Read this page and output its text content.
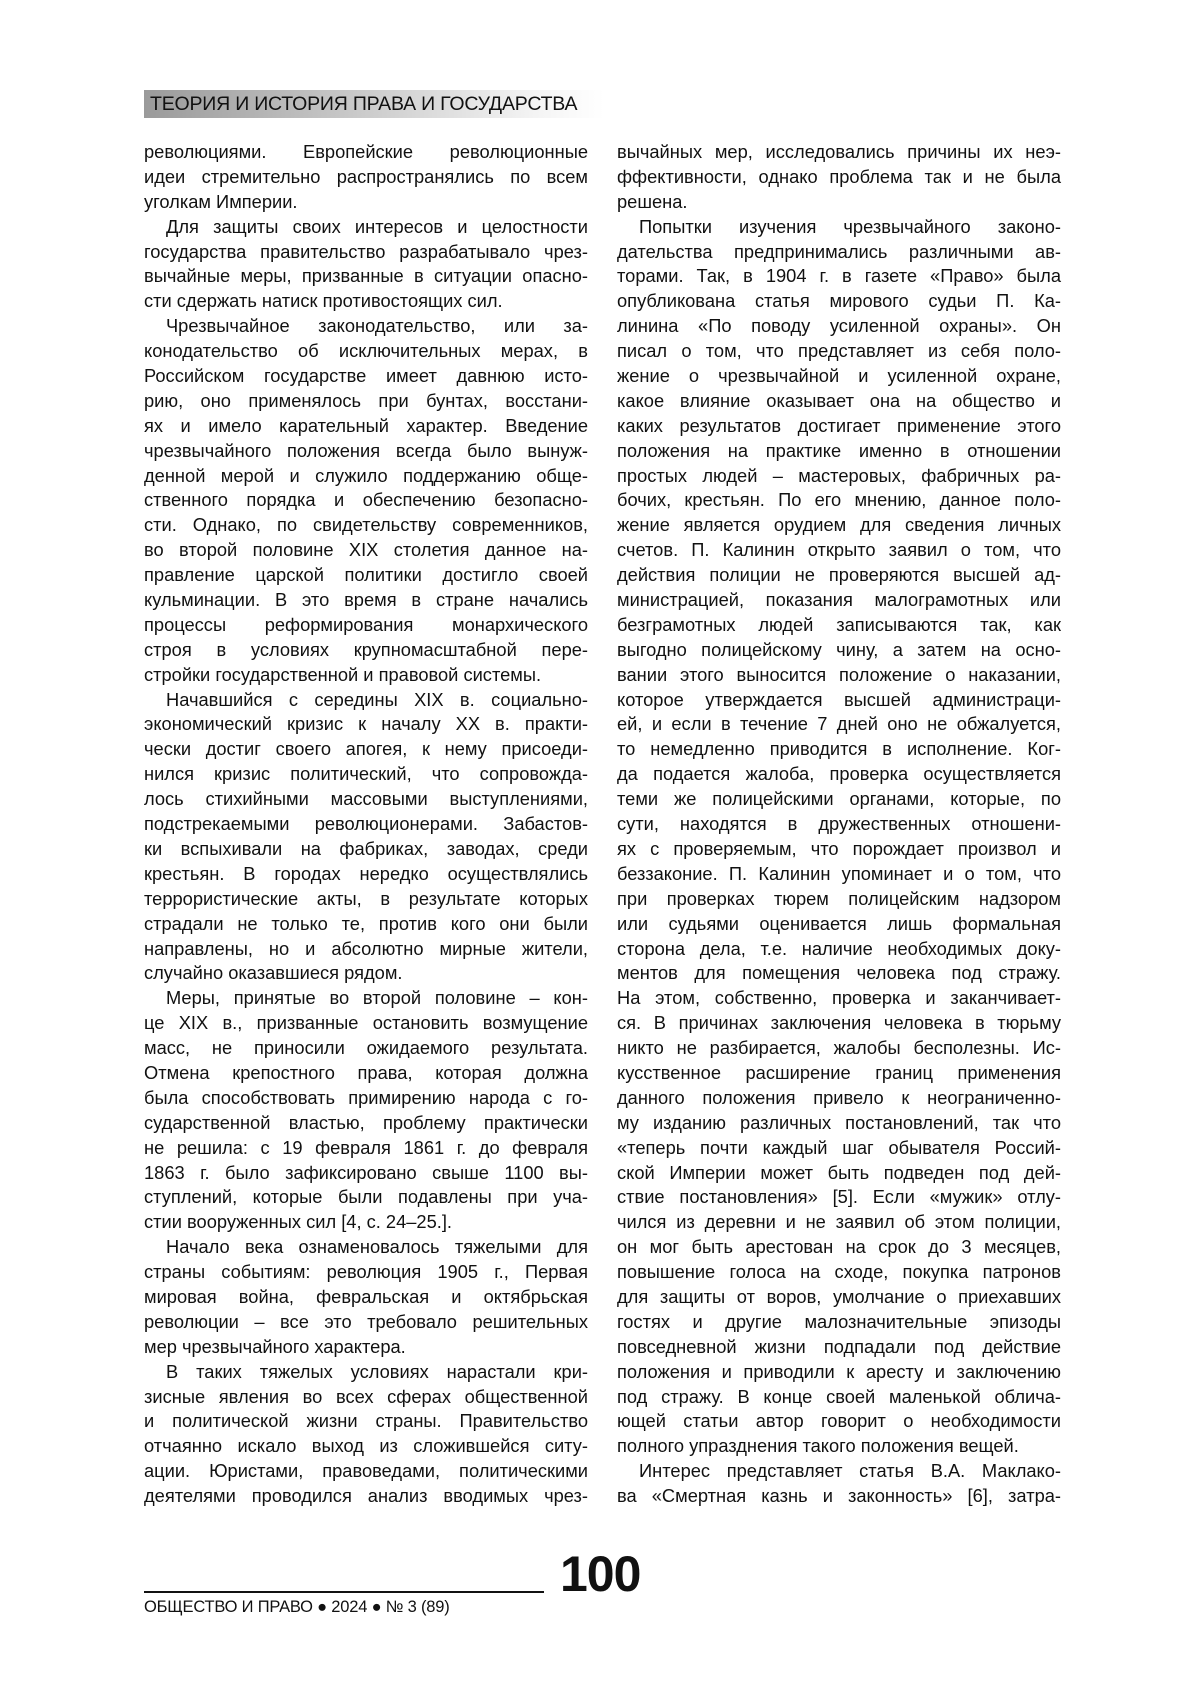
ТЕОРИЯ И ИСТОРИЯ ПРАВА И ГОСУДАРСТВА
революциями. Европейские революционные
идеи стремительно распространялись по всем
уголкам Империи.
Для защиты своих интересов и целостности
государства правительство разрабатывало чрез-
вычайные меры, призванные в ситуации опасно-
сти сдержать натиск противостоящих сил.
Чрезвычайное законодательство, или за-
конодательство об исключительных мерах, в
Российском государстве имеет давнюю исто-
рию, оно применялось при бунтах, восстани-
ях и имело карательный характер. Введение
чрезвычайного положения всегда было вынуж-
денной мерой и служило поддержанию обще-
ственного порядка и обеспечению безопасно-
сти. Однако, по свидетельству современников,
во второй половине XIX столетия данное на-
правление царской политики достигло своей
кульминации. В это время в стране начались
процессы реформирования монархического
строя в условиях крупномасштабной пере-
стройки государственной и правовой системы.
Начавшийся с середины XIX в. социально-
экономический кризис к началу XX в. практи-
чески достиг своего апогея, к нему присоеди-
нился кризис политический, что сопровожда-
лось стихийными массовыми выступлениями,
подстрекаемыми революционерами. Забастов-
ки вспыхивали на фабриках, заводах, среди
крестьян. В городах нередко осуществлялись
террористические акты, в результате которых
страдали не только те, против кого они были
направлены, но и абсолютно мирные жители,
случайно оказавшиеся рядом.
Меры, принятые во второй половине – кон-
це XIX в., призванные остановить возмущение
масс, не приносили ожидаемого результата.
Отмена крепостного права, которая должна
была способствовать примирению народа с го-
сударственной властью, проблему практически
не решила: с 19 февраля 1861 г. до февраля
1863 г. было зафиксировано свыше 1100 вы-
ступлений, которые были подавлены при уча-
стии вооруженных сил [4, с. 24–25.].
Начало века ознаменовалось тяжелыми для
страны событиям: революция 1905 г., Первая
мировая война, февральская и октябрьская
революции – все это требовало решительных
мер чрезвычайного характера.
В таких тяжелых условиях нарастали кри-
зисные явления во всех сферах общественной
и политической жизни страны. Правительство
отчаянно искало выход из сложившейся ситу-
ации. Юристами, правоведами, политическими
деятелями проводился анализ вводимых чрез-
вычайных мер, исследовались причины их неэ-
ффективности, однако проблема так и не была
решена.
Попытки изучения чрезвычайного законо-
дательства предпринимались различными ав-
торами. Так, в 1904 г. в газете «Право» была
опубликована статья мирового судьи П. Ка-
линина «По поводу усиленной охраны». Он
писал о том, что представляет из себя поло-
жение о чрезвычайной и усиленной охране,
какое влияние оказывает она на общество и
каких результатов достигает применение этого
положения на практике именно в отношении
простых людей – мастеровых, фабричных ра-
бочих, крестьян. По его мнению, данное поло-
жение является орудием для сведения личных
счетов. П. Калинин открыто заявил о том, что
действия полиции не проверяются высшей ад-
министрацией, показания малограмотных или
безграмотных людей записываются так, как
выгодно полицейскому чину, а затем на осно-
вании этого выносится положение о наказании,
которое утверждается высшей администраци-
ей, и если в течение 7 дней оно не обжалуется,
то немедленно приводится в исполнение. Ког-
да подается жалоба, проверка осуществляется
теми же полицейскими органами, которые, по
сути, находятся в дружественных отношени-
ях с проверяемым, что порождает произвол и
беззаконие. П. Калинин упоминает и о том, что
при проверках тюрем полицейским надзором
или судьями оценивается лишь формальная
сторона дела, т.е. наличие необходимых доку-
ментов для помещения человека под стражу.
На этом, собственно, проверка и заканчивает-
ся. В причинах заключения человека в тюрьму
никто не разбирается, жалобы бесполезны. Ис-
кусственное расширение границ применения
данного положения привело к неограниченно-
му изданию различных постановлений, так что
«теперь почти каждый шаг обывателя Россий-
ской Империи может быть подведен под дей-
ствие постановления» [5]. Если «мужик» отлу-
чился из деревни и не заявил об этом полиции,
он мог быть арестован на срок до 3 месяцев,
повышение голоса на сходе, покупка патронов
для защиты от воров, умолчание о приехавших
гостях и другие малозначительные эпизоды
повседневной жизни подпадали под действие
положения и приводили к аресту и заключению
под стражу. В конце своей маленькой обличa-
ющей статьи автор говорит о необходимости
полного упразднения такого положения вещей.
Интерес представляет статья В.А. Маклако-
ва «Смертная казнь и законность» [6], затра-
100
ОБЩЕСТВО И ПРАВО ● 2024 ● № 3 (89)
